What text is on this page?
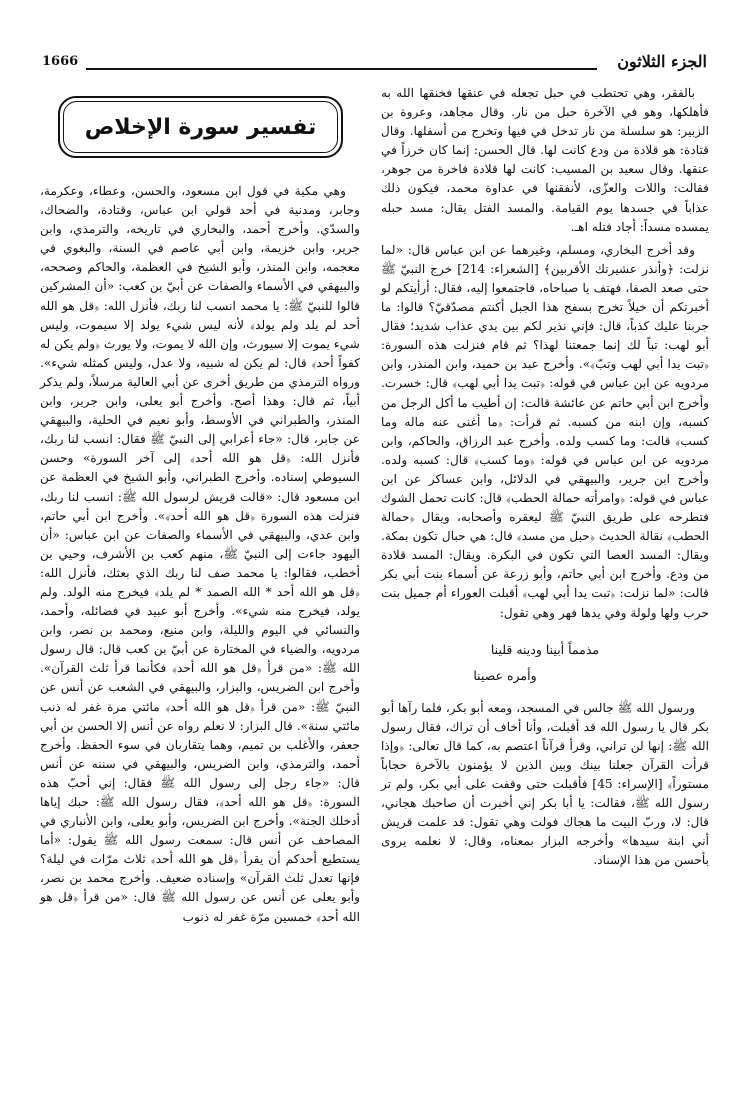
الجزء الثلاثون
1666

بالفقر، وهي تحتطب في حبل تجعله في عنقها فخنقها الله به فأهلكها، وهو في الآخرة حبل من نار. وقال مجاهد، وعروة بن الزبير: هو سلسلة من نار تدخل في فيها وتخرج من أسفلها. وقال قتادة: هو قلادة من ودع كانت لها. قال الحسن: إنما كان خرزاً في عنقها. وقال سعيد بن المسيب: كانت لها قلادة فاخرة من جوهر، فقالت: واللات والعزّى، لأنفقنها في عداوة محمد، فيكون ذلك عذاباً في جسدها يوم القيامة. والمسد الفتل يقال: مسد حبله يمسده مسداً: أجاد فتله اهـ.

وقد أخرج البخاري، ومسلم، وغيرهما عن ابن عباس قال: «لما نزلت: ﴿وأنذر عشيرتك الأقربين﴾ [الشعراء: 214] خرج النبيّ ﷺ حتى صعد الصفا، فهتف يا صباحاه، فاجتمعوا إليه، فقال: أرأيتكم لو أخبرتكم أن خيلاً تخرج بسفح هذا الجبل أكنتم مصدّقيّ؟ قالوا: ما جربنا عليك كذباً، قال: فإني نذير لكم بين يدي عذاب شديد؛ فقال أبو لهب: تباً لك إنما جمعتنا لهذا؟ ثم قام فنزلت هذه السورة: ﴿تبت يدا أبي لهب وتبّ﴾». وأخرج عبد بن حميد، وابن المنذر، وابن مردويه عن ابن عباس في قوله: ﴿تبت يدا أبي لهب﴾ قال: خسرت. وأخرج ابن أبي حاتم عن عائشة قالت: إن أطيب ما أكل الرجل من كسبه، وإن ابنه من كسبه. ثم قرأت: ﴿ما أغنى عنه ماله وما كسب﴾ قالت: وما كسب ولده. وأخرج عبد الرزاق، والحاكم، وابن مردويه عن ابن عباس في قوله: ﴿وما كسب﴾ قال: كسبه ولده. وأخرج ابن جرير، والبيهقي في الدلائل، وابن عساكر عن ابن عباس في قوله: ﴿وامرأته حمالة الحطب﴾ قال: كانت تحمل الشوك فتطرحه على طريق النبيّ ﷺ ليعقره وأصحابه، ويقال ﴿حمالة الحطب﴾ نقالة الحديث ﴿حبل من مسد﴾ قال: هي حبال تكون بمكة. ويقال: المسد العصا التي تكون في البكرة. ويقال: المسد قلادة من ودع. وأخرج ابن أبي حاتم، وأبو زرعة عن أسماء بنت أبي بكر قالت: «لما نزلت: ﴿تبت يدا أبي لهب﴾ أقبلت العوراء أم جميل بنت حرب ولها ولولة وفي يدها فهر وهي تقول:

مذمماً أبينا ودينه قلينا
وأمره عصينا

ورسول الله ﷺ جالس في المسجد، ومعه أبو بكر، فلما رآها أبو بكر قال يا رسول الله قد أقبلت، وأنا أخاف أن تراك، فقال رسول الله ﷺ: إنها لن تراني، وقرأ قرآناً اعتصم به، كما قال تعالى: ﴿وإذا قرأت القرآن جعلنا بينك وبين الذين لا يؤمنون بالآخرة حجاباً مستوراً﴾ [الإسراء: 45] فأقبلت حتى وقفت على أبي بكر، ولم تر رسول الله ﷺ، فقالت: يا أبا بكر إني أخبرت أن صاحبك هجاني، قال: لا، وربّ البيت ما هجاك فولت وهي تقول: قد علمت قريش أني ابنة سيدها» وأخرجه البزار بمعناه، وقال: لا نعلمه يروى بأحسن من هذا الإسناد.

تفسير سورة الإخلاص

وهي مكية في قول ابن مسعود، والحسن، وعطاء، وعكرمة، وجابر، ومدنية في أحد قولي ابن عباس، وقتادة، والضحاك، والسدّي. وأخرج أحمد، والبخاري في تاريخه، والترمذي، وابن جرير، وابن خزيمة، وابن أبي عاصم في السنة، والبغوي في معجمه، وابن المنذر، وأبو الشيخ في العظمة، والحاكم وصححه، والبيهقي في الأسماء والصفات عن أبيّ بن كعب: «أن المشركين قالوا للنبيّ ﷺ: يا محمد انسب لنا ربك، فأنزل الله: ﴿قل هو الله أحد لم يلد ولم يولد﴾ لأنه ليس شيء يولد إلا سيموت، وليس شيء يموت إلا سيورث، وإن الله لا يموت، ولا يورث ﴿ولم يكن له كفواً أحد﴾ قال: لم يكن له شبيه، ولا عدل، وليس كمثله شيء». ورواه الترمذي من طريق أخرى عن أبي العالية مرسلاً، ولم يذكر أبياً، ثم قال: وهذا أصح. وأخرج أبو يعلى، وابن جرير، وابن المنذر، والطبراني في الأوسط، وأبو نعيم في الحلية، والبيهقي عن جابر، قال: «جاء أعرابي إلى النبيّ ﷺ فقال: انسب لنا ربك، فأنزل الله: ﴿قل هو الله أحد﴾ إلى آخر السورة» وحسن السيوطي إسناده. وأخرج الطبراني، وأبو الشيخ في العظمة عن ابن مسعود قال: «قالت قريش لرسول الله ﷺ: انسب لنا ربك، فنزلت هذه السورة ﴿قل هو الله أحد﴾». وأخرج ابن أبي حاتم، وابن عدي، والبيهقي في الأسماء والصفات عن ابن عباس: «أن اليهود جاءت إلى النبيّ ﷺ، منهم كعب بن الأشرف، وحيي بن أخطب، فقالوا: يا محمد صف لنا ربك الذي بعثك، فأنزل الله: ﴿قل هو الله أحد * الله الصمد * لم يلد﴾ فيخرج منه الولد. ولم يولد، فيخرج منه شيء». وأخرج أبو عبيد في فضائله، وأحمد، والنسائي في اليوم والليلة، وابن منيع، ومحمد بن نصر، وابن مردويه، والضياء في المختارة عن أبيّ بن كعب قال: قال رسول الله ﷺ: «من قرأ ﴿قل هو الله أحد﴾ فكأنما قرأ ثلث القرآن». وأخرج ابن الضريس، والبزار، والبيهقي في الشعب عن أنس عن النبيّ ﷺ: «من قرأ ﴿قل هو الله أحد﴾ مائتي مرة غفر له ذنب مائتي سنة». قال البزار: لا نعلم رواه عن أنس إلا الحسن بن أبي جعفر، والأغلب بن تميم، وهما يتقاربان في سوء الحفظ. وأخرج أحمد، والترمذي، وابن الضريس، والبيهقي في سننه عن أنس قال: «جاء رجل إلى رسول الله ﷺ فقال: إني أحبّ هذه السورة: ﴿قل هو الله أحد﴾، فقال رسول الله ﷺ: حبك إياها أدخلك الجنة». وأخرج ابن الضريس، وأبو يعلى، وابن الأنباري في المصاحف عن أنس قال: سمعت رسول الله ﷺ يقول: «أما يستطيع أحدكم أن يقرأ ﴿قل هو الله أحد﴾ ثلاث مرّات في ليلة؟ فإنها تعدل ثلث القرآن» وإسناده ضعيف. وأخرج محمد بن نصر، وأبو يعلى عن أنس عن رسول الله ﷺ قال: «من قرأ ﴿قل هو الله أحد﴾ خمسين مرّة غفر له ذنوب
